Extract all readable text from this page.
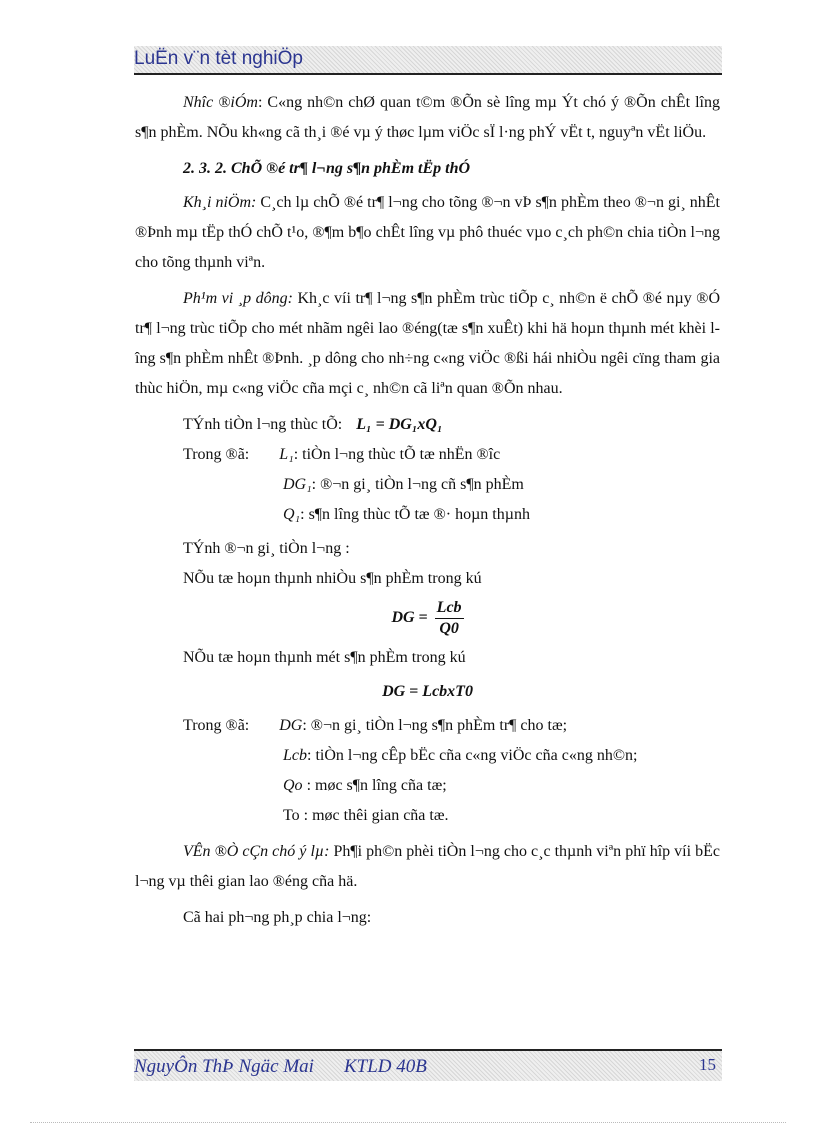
LuËn v¨n tèt nghiÖp

Nhîc ®iÓm: C«ng nh©n chØ quan t©m ®Õn sè lîng mµ Ýt chó ý ®Õn chÊt lîng s¶n phÈm. NÕu kh«ng cã th¸i ®é vµ ý thøc lµm viÖc sÏ l·ng phÝ vËt t, nguyªn vËt liÖu.

2. 3. 2. ChÕ ®é tr¶ l¬ng s¶n phÈm tËp thÓ

Kh¸i niÖm: C¸ch lµ chÕ ®é tr¶ l¬ng cho tõng ®¬n vÞ s¶n phÈm theo ®¬n gi¸ nhÊt ®Þnh mµ tËp thÓ chÕ t¹o, ®¶m b¶o chÊt lîng vµ phô thuéc vµo c¸ch ph©n chia tiÒn l¬ng cho tõng thµnh viªn.

Ph¹m vi ¸p dông: Kh¸c víi tr¶ l¬ng s¶n phÈm trùc tiÕp c¸ nh©n ë chÕ ®é nµy ®Ó tr¶ l¬ng trùc tiÕp cho mét nhãm ngêi lao ®éng(tæ s¶n xuÊt) khi hä hoµn thµnh mét khèi lîng s¶n phÈm nhÊt ®Þnh. ¸p dông cho nh÷ng c«ng viÖc ®ßi hái nhiÒu ngêi cïng tham gia thùc hiÖn, mµ c«ng viÖc cña mçi c¸ nh©n cã liªn quan ®Õn nhau.

TÝnh tiÒn l¬ng thùc tÕ: L₁ = DG₁xQ₁

Trong ®ã: L₁: tiÒn l¬ng thùc tÕ tæ nhËn ®îc

DG₁: ®¬n gi¸ tiÒn l¬ng cñ s¶n phÈm

Q₁: s¶n lîng thùc tÕ tæ ®· hoµn thµnh

TÝnh ®¬n gi¸ tiÒn l¬ng :

NÕu tæ hoµn thµnh nhiÒu s¶n phÈm trong kú

DG = $\frac{\text{Lcb}}{Q0}$

NÕu tæ hoµn thµnh mét s¶n phÈm trong kú

DG = LcbxT0

Trong ®ã: DG: ®¬n gi¸ tiÒn l¬ng s¶n phÈm tr¶ cho tæ;

Lcb: tiÒn l¬ng cÊp bËc cña c«ng viÖc cña c«ng nh©n;

Qo : møc s¶n lîng cña tæ;

To : møc thêi gian cña tæ.

VÊn ®Ò cÇn chó ý lµ: Ph¶i ph©n phèi tiÒn l¬ng cho c¸c thµnh viªn phï hîp víi bËc l¬ng vµ thêi gian lao ®éng cña hä.

Cã hai ph¬ng ph¸p chia l¬ng:

NguyÔn ThÞ Ngäc Mai KTLD 40B	15
